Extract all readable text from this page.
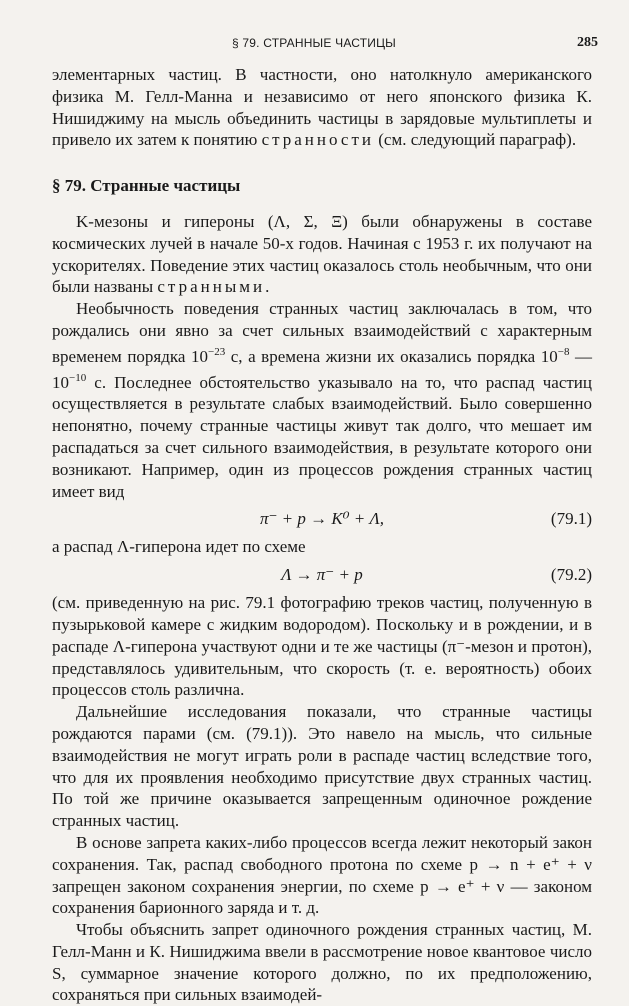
§ 79. СТРАННЫЕ ЧАСТИЦЫ	285

элементарных частиц. В частности, оно натолкнуло американского физика М. Гелл-Манна и независимо от него японского физика К. Нишиджиму на мысль объединить частицы в зарядовые мультиплеты и привело их затем к понятию странности (см. следующий параграф).

§ 79. Странные частицы

K-мезоны и гипероны (Λ, Σ, Ξ) были обнаружены в составе космических лучей в начале 50-х годов. Начиная с 1953 г. их получают на ускорителях. Поведение этих частиц оказалось столь необычным, что они были названы странными.

Необычность поведения странных частиц заключалась в том, что рождались они явно за счет сильных взаимодействий с характерным временем порядка $10^{-23}$ с, а времена жизни их оказались порядка $10^{-8}$ — $10^{-10}$ с. Последнее обстоятельство указывало на то, что распад частиц осуществляется в результате слабых взаимодействий. Было совершенно непонятно, почему странные частицы живут так долго, что мешает им распадаться за счет сильного взаимодействия, в результате которого они возникают. Например, один из процессов рождения странных частиц имеет вид

π⁻ + p → K⁰ + Λ,	(79.1)

а распад Λ-гиперона идет по схеме

Λ → π⁻ + p	(79.2)

(см. приведенную на рис. 79.1 фотографию треков частиц, полученную в пузырьковой камере с жидким водородом). Поскольку и в рождении, и в распаде Λ-гиперона участвуют одни и те же частицы (π⁻-мезон и протон), представлялось удивительным, что скорость (т. е. вероятность) обоих процессов столь различна.

Дальнейшие исследования показали, что странные частицы рождаются парами (см. (79.1)). Это навело на мысль, что сильные взаимодействия не могут играть роли в распаде частиц вследствие того, что для их проявления необходимо присутствие двух странных частиц. По той же причине оказывается запрещенным одиночное рождение странных частиц.

В основе запрета каких-либо процессов всегда лежит некоторый закон сохранения. Так, распад свободного протона по схеме p → n + e⁺ + ν запрещен законом сохранения энергии, по схеме p → e⁺ + ν — законом сохранения барионного заряда и т. д.

Чтобы объяснить запрет одиночного рождения странных частиц, М. Гелл-Манн и К. Нишиджима ввели в рассмотрение новое квантовое число S, суммарное значение которого должно, по их предположению, сохраняться при сильных взаимодей-
